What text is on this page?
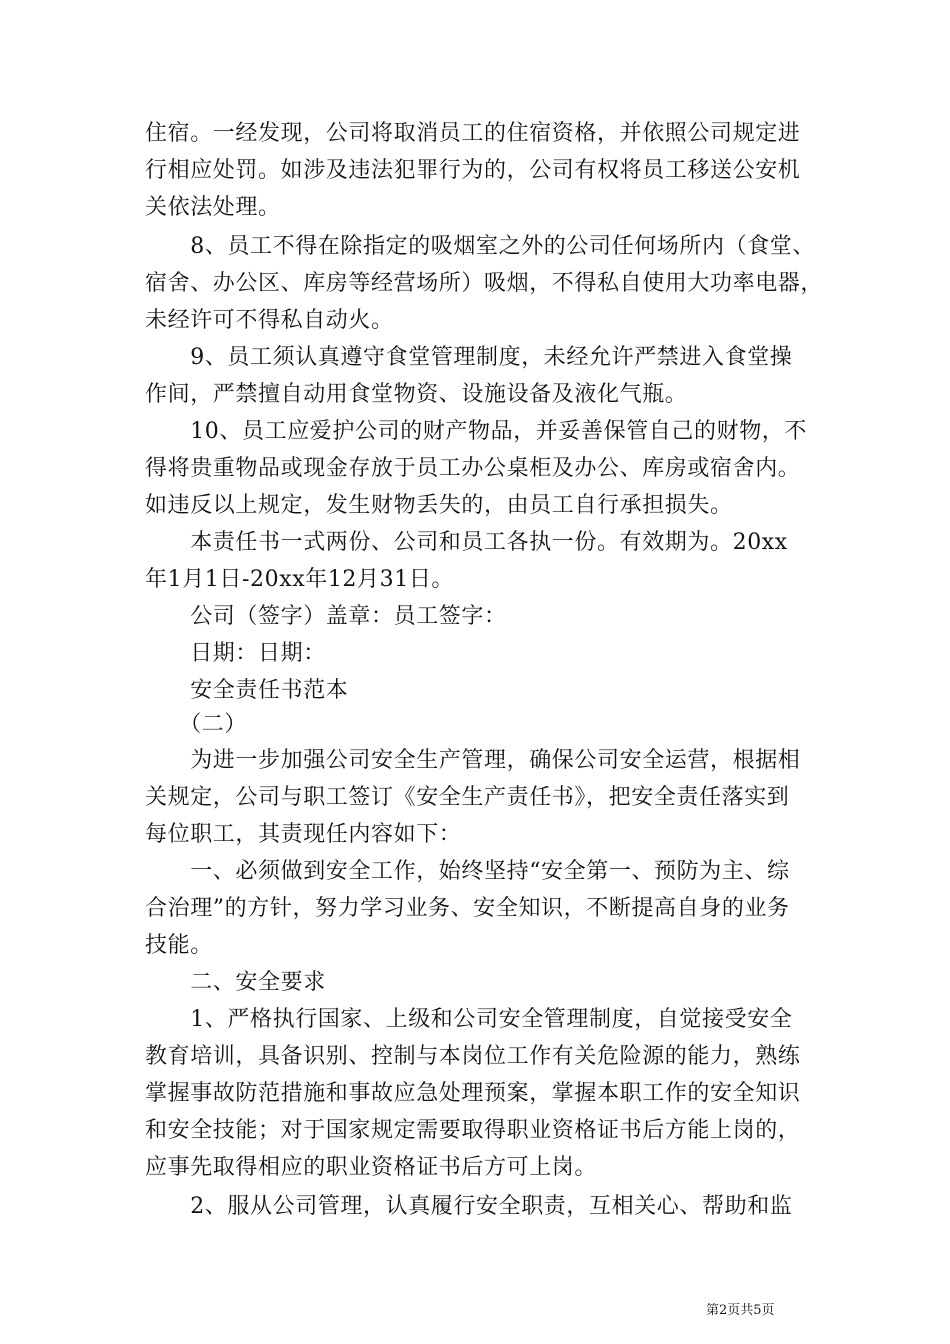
住宿。一经发现，公司将取消员工的住宿资格，并依照公司规定进
行相应处罚。如涉及违法犯罪行为的，公司有权将员工移送公安机
关依法处理。
　　8、员工不得在除指定的吸烟室之外的公司任何场所内（食堂、
宿舍、办公区、库房等经营场所）吸烟，不得私自使用大功率电器，
未经许可不得私自动火。
　　9、员工须认真遵守食堂管理制度，未经允许严禁进入食堂操
作间，严禁擅自动用食堂物资、设施设备及液化气瓶。
　　10、员工应爱护公司的财产物品，并妥善保管自己的财物，不
得将贵重物品或现金存放于员工办公桌柜及办公、库房或宿舍内。
如违反以上规定，发生财物丢失的，由员工自行承担损失。
　　本责任书一式两份、公司和员工各执一份。有效期为。20xx
年1月1日-20xx年12月31日。
　　公司（签字）盖章：员工签字：
　　日期：日期：
　　安全责任书范本
　　（二）
　　为进一步加强公司安全生产管理，确保公司安全运营，根据相
关规定，公司与职工签订《安全生产责任书》，把安全责任落实到
每位职工，其责现任内容如下：
　　一、必须做到安全工作，始终坚持“安全第一、预防为主、综
合治理”的方针，努力学习业务、安全知识，不断提高自身的业务
技能。
　　二、安全要求
　　1、严格执行国家、上级和公司安全管理制度，自觉接受安全
教育培训，具备识别、控制与本岗位工作有关危险源的能力，熟练
掌握事故防范措施和事故应急处理预案，掌握本职工作的安全知识
和安全技能；对于国家规定需要取得职业资格证书后方能上岗的，
应事先取得相应的职业资格证书后方可上岗。
　　2、服从公司管理，认真履行安全职责，互相关心、帮助和监
第2页共5页
